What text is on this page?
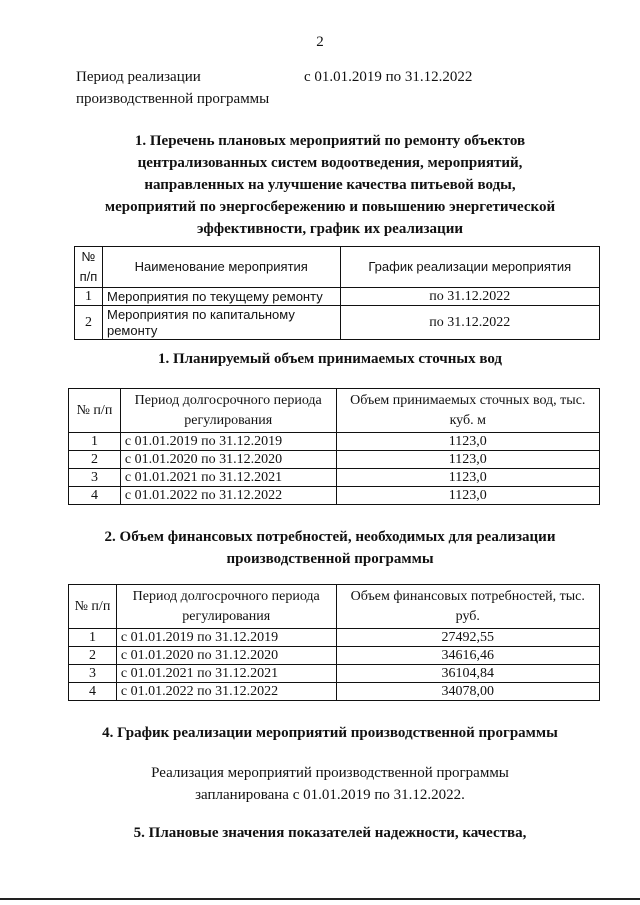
2
Период реализации
производственной программы
с 01.01.2019 по 31.12.2022
1. Перечень плановых мероприятий по ремонту объектов
централизованных систем водоотведения, мероприятий,
направленных на улучшение качества питьевой воды,
мероприятий по энергосбережению и повышению энергетической
эффективности, график их реализации
№ п/п	Наименование мероприятия	График реализации мероприятия
1	Мероприятия по текущему ремонту	по 31.12.2022
2	Мероприятия по капитальному ремонту	по 31.12.2022
1. Планируемый объем принимаемых сточных вод
№ п/п	Период долгосрочного периода регулирования	Объем принимаемых сточных вод, тыс. куб. м
1	с 01.01.2019 по 31.12.2019	1123,0
2	с 01.01.2020 по 31.12.2020	1123,0
3	с 01.01.2021 по 31.12.2021	1123,0
4	с 01.01.2022 по 31.12.2022	1123,0
2. Объем финансовых потребностей, необходимых для реализации
производственной программы
№ п/п	Период долгосрочного периода регулирования	Объем финансовых потребностей, тыс. руб.
1	с 01.01.2019 по 31.12.2019	27492,55
2	с 01.01.2020 по 31.12.2020	34616,46
3	с 01.01.2021 по 31.12.2021	36104,84
4	с 01.01.2022 по 31.12.2022	34078,00
4. График реализации мероприятий производственной программы
Реализация мероприятий производственной программы
запланирована с 01.01.2019 по 31.12.2022.
5. Плановые значения показателей надежности, качества,
